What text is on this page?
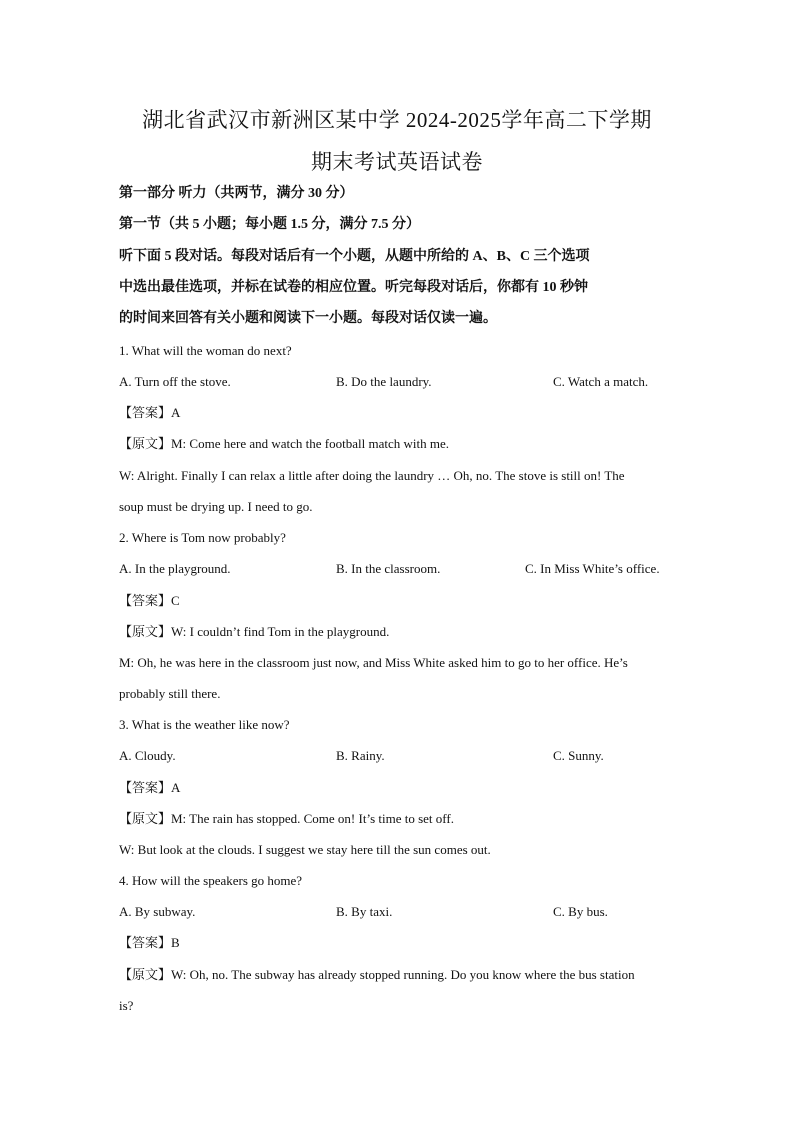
湖北省武汉市新洲区某中学 2024-2025学年高二下学期
期末考试英语试卷
第一部分 听力（共两节，满分 30 分）
第一节（共 5 小题；每小题 1.5 分，满分 7.5 分）
听下面 5 段对话。每段对话后有一个小题，从题中所给的 A、B、C 三个选项
中选出最佳选项，并标在试卷的相应位置。听完每段对话后，你都有 10 秒钟
的时间来回答有关小题和阅读下一小题。每段对话仅读一遍。
1. What will the woman do next?
A. Turn off the stove.	B. Do the laundry.	C. Watch a match.
【答案】A
【原文】M: Come here and watch the football match with me.
W: Alright. Finally I can relax a little after doing the laundry … Oh, no. The stove is still on! The
soup must be drying up. I need to go.
2. Where is Tom now probably?
A. In the playground.	B. In the classroom.	C. In Miss White’s office.
【答案】C
【原文】W: I couldn’t find Tom in the playground.
M: Oh, he was here in the classroom just now, and Miss White asked him to go to her office. He’s
probably still there.
3. What is the weather like now?
A. Cloudy.	B. Rainy.	C. Sunny.
【答案】A
【原文】M: The rain has stopped. Come on! It’s time to set off.
W: But look at the clouds. I suggest we stay here till the sun comes out.
4. How will the speakers go home?
A. By subway.	B. By taxi.	C. By bus.
【答案】B
【原文】W: Oh, no. The subway has already stopped running. Do you know where the bus station
is?
